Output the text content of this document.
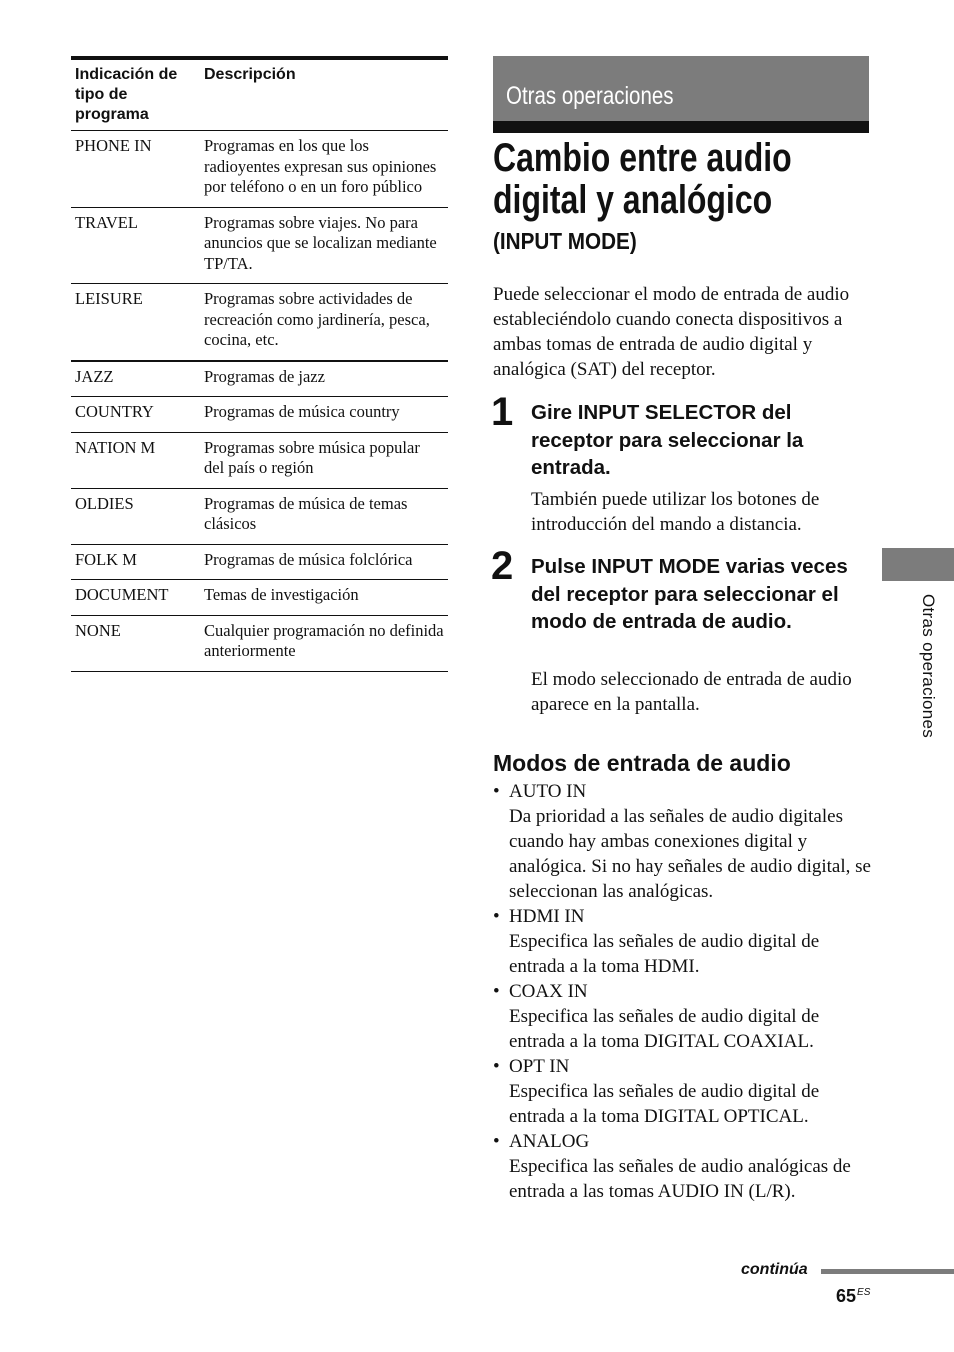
Indicación de tipo de programa	Descripción
PHONE IN	Programas en los que los radioyentes expresan sus opiniones por teléfono o en un foro público
TRAVEL	Programas sobre viajes. No para anuncios que se localizan mediante TP/TA.
LEISURE	Programas sobre actividades de recreación como jardinería, pesca, cocina, etc.
JAZZ	Programas de jazz
COUNTRY	Programas de música country
NATION M	Programas sobre música popular del país o región
OLDIES	Programas de música de temas clásicos
FOLK M	Programas de música folclórica
DOCUMENT	Temas de investigación
NONE	Cualquier programación no definida anteriormente
Otras operaciones
Cambio entre audio
digital y analógico
(INPUT MODE)

Puede seleccionar el modo de entrada de audio estableciéndolo cuando conecta dispositivos a ambas tomas de entrada de audio digital y analógica (SAT) del receptor.

1 Gire INPUT SELECTOR del receptor para seleccionar la entrada.

También puede utilizar los botones de introducción del mando a distancia.

2 Pulse INPUT MODE varias veces del receptor para seleccionar el modo de entrada de audio.

El modo seleccionado de entrada de audio aparece en la pantalla.

Modos de entrada de audio
• AUTO IN
Da prioridad a las señales de audio digitales cuando hay ambas conexiones digital y analógica. Si no hay señales de audio digital, se seleccionan las analógicas.
• HDMI IN
Especifica las señales de audio digital de entrada a la toma HDMI.
• COAX IN
Especifica las señales de audio digital de entrada a la toma DIGITAL COAXIAL.
• OPT IN
Especifica las señales de audio digital de entrada a la toma DIGITAL OPTICAL.
• ANALOG
Especifica las señales de audio analógicas de entrada a las tomas AUDIO IN (L/R).
Otras operaciones
continúa
$65^{ES}$
